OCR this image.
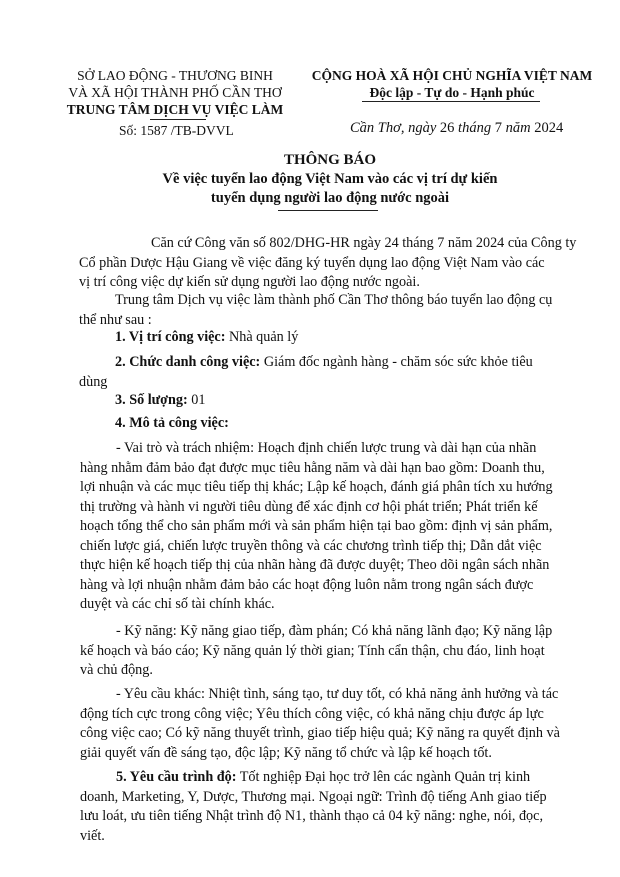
SỞ LAO ĐỘNG - THƯƠNG BINH
VÀ XÃ HỘI THÀNH PHỐ CẦN THƠ
TRUNG TÂM DỊCH VỤ VIỆC LÀM
Số: 1587 /TB-DVVL
CỘNG HOÀ XÃ HỘI CHỦ NGHĨA VIỆT NAM
Độc lập - Tự do - Hạnh phúc
Cần Thơ, ngày 26 tháng 7 năm 2024
THÔNG BÁO
Về việc tuyển lao động Việt Nam vào các vị trí dự kiến
tuyển dụng người lao động nước ngoài
Căn cứ Công văn số 802/DHG-HR ngày 24 tháng 7 năm 2024 của Công ty
Cổ phần Dược Hậu Giang về việc đăng ký tuyển dụng lao động Việt Nam vào các
vị trí công việc dự kiến sử dụng người lao động nước ngoài.
Trung tâm Dịch vụ việc làm thành phố Cần Thơ thông báo tuyển lao động cụ
thể như sau :
1. Vị trí công việc: Nhà quản lý
2. Chức danh công việc: Giám đốc ngành hàng - chăm sóc sức khỏe tiêu
dùng
3. Số lượng: 01
4. Mô tả công việc:
- Vai trò và trách nhiệm: Hoạch định chiến lược trung và dài hạn của nhãn
hàng nhằm đảm bảo đạt được mục tiêu hằng năm và dài hạn bao gồm: Doanh thu,
lợi nhuận và các mục tiêu tiếp thị khác; Lập kế hoạch, đánh giá phân tích xu hướng
thị trường và hành vi người tiêu dùng để xác định cơ hội phát triển; Phát triển kế
hoạch tổng thể cho sản phẩm mới và sản phẩm hiện tại bao gồm: định vị sản phẩm,
chiến lược giá, chiến lược truyền thông và các chương trình tiếp thị; Dẫn dắt việc
thực hiện kế hoạch tiếp thị của nhãn hàng đã được duyệt; Theo dõi ngân sách nhãn
hàng và lợi nhuận nhằm đảm bảo các hoạt động luôn nằm trong ngân sách được
duyệt và các chỉ số tài chính khác.
- Kỹ năng: Kỹ năng giao tiếp, đàm phán; Có khả năng lãnh đạo; Kỹ năng lập
kế hoạch và báo cáo; Kỹ năng quản lý thời gian; Tính cẩn thận, chu đáo, linh hoạt
và chủ động.
- Yêu cầu khác: Nhiệt tình, sáng tạo, tư duy tốt, có khả năng ảnh hưởng và tác
động tích cực trong công việc; Yêu thích công việc, có khả năng chịu được áp lực
công việc cao; Có kỹ năng thuyết trình, giao tiếp hiệu quả; Kỹ năng ra quyết định và
giải quyết vấn đề sáng tạo, độc lập; Kỹ năng tổ chức và lập kế hoạch tốt.
5. Yêu cầu trình độ: Tốt nghiệp Đại học trở lên các ngành Quản trị kinh
doanh, Marketing, Y, Dược, Thương mại. Ngoại ngữ: Trình độ tiếng Anh giao tiếp
lưu loát, ưu tiên tiếng Nhật trình độ N1, thành thạo cả 04 kỹ năng: nghe, nói, đọc,
viết.
